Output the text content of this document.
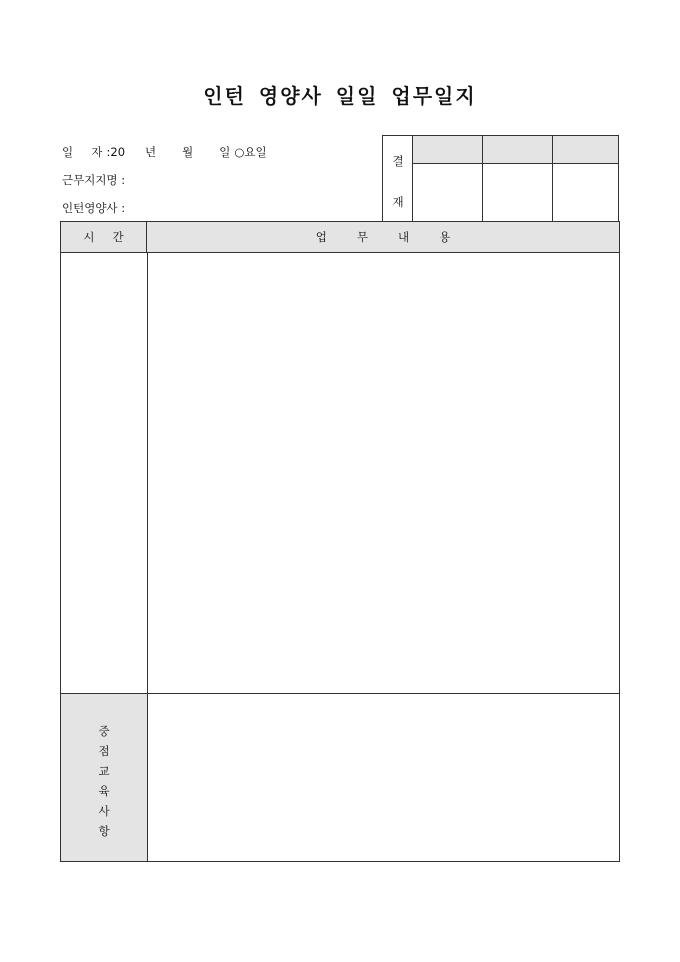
인턴 영양사 일일 업무일지
일     자 :20 년 월 일 ○요일
근무지지명 :
인턴영양사 :
결
재
시간	업무내용
중
점
교
육
사
항
